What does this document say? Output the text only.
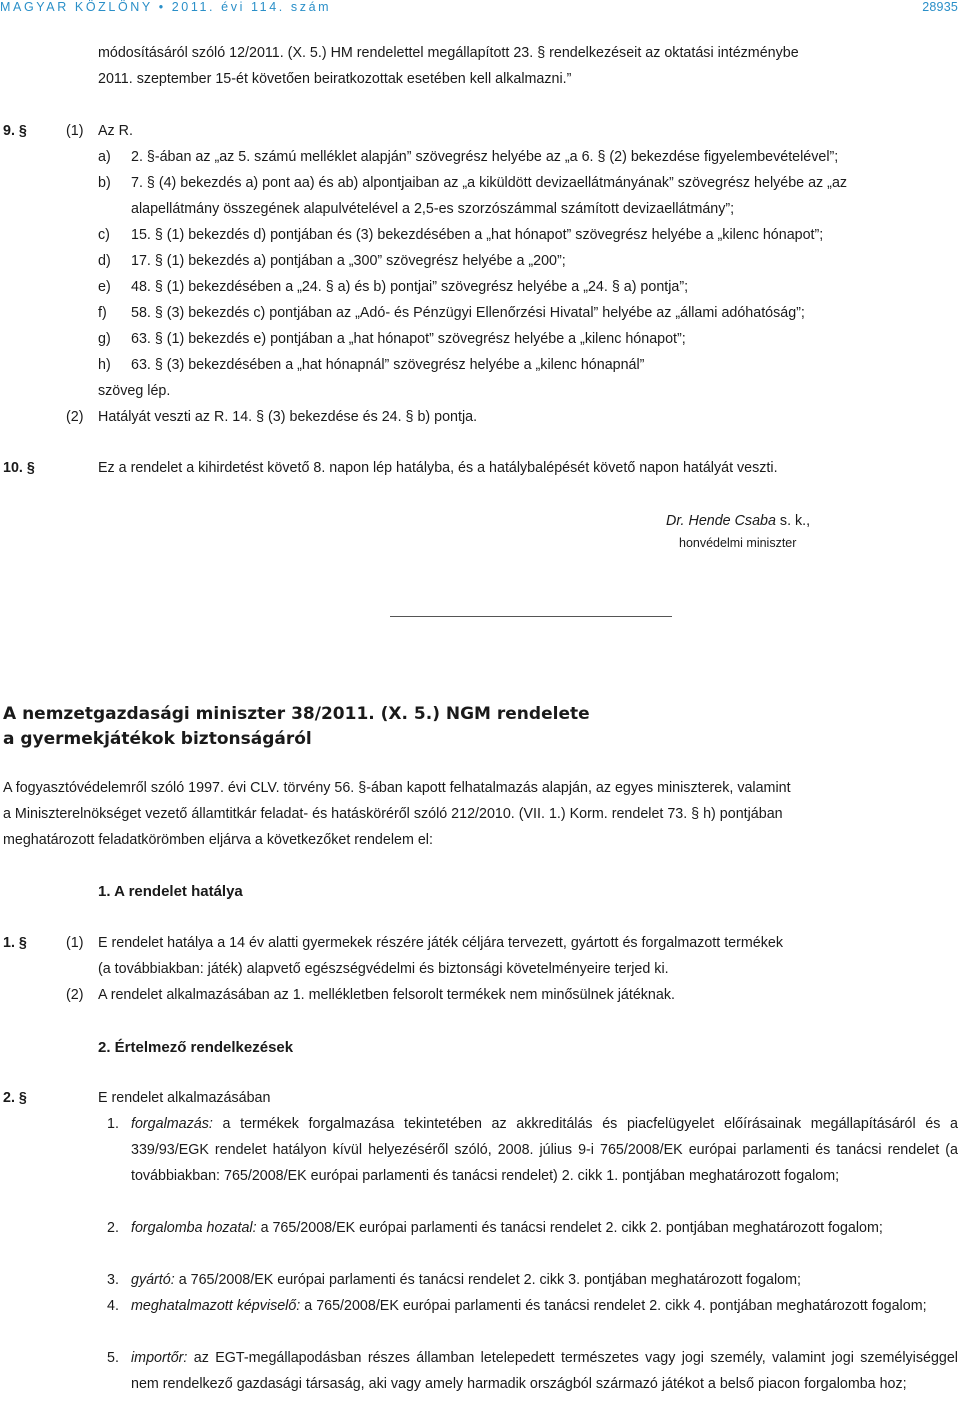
MAGYAR KÖZLÖNY • 2011. évi 114. szám	28935
módosításáról szóló 12/2011. (X. 5.) HM rendelettel megállapított 23. § rendelkezéseit az oktatási intézménybe
2011. szeptember 15-ét követően beiratkozottak esetében kell alkalmazni.”
9. §	(1) Az R.
a) 2. §-ában az „az 5. számú melléklet alapján” szövegrész helyébe az „a 6. § (2) bekezdése figyelembevételével”;
b) 7. § (4) bekezdés a) pont aa) és ab) alpontjaiban az „a kiküldött devizaellátmányának” szövegrész helyébe az „az
alapellátmány összegének alapulvételével a 2,5-es szorzószámmal számított devizaellátmány”;
c) 15. § (1) bekezdés d) pontjában és (3) bekezdésében a „hat hónapot” szövegrész helyébe a „kilenc hónapot”;
d) 17. § (1) bekezdés a) pontjában a „300” szövegrész helyébe a „200”;
e) 48. § (1) bekezdésében a „24. § a) és b) pontjai” szövegrész helyébe a „24. § a) pontja”;
f) 58. § (3) bekezdés c) pontjában az „Adó- és Pénzügyi Ellenőrzési Hivatal” helyébe az „állami adóhatóság”;
g) 63. § (1) bekezdés e) pontjában a „hat hónapot” szövegrész helyébe a „kilenc hónapot”;
h) 63. § (3) bekezdésében a „hat hónapnál” szövegrész helyébe a „kilenc hónapnál”
szöveg lép.
(2) Hatályát veszti az R. 14. § (3) bekezdése és 24. § b) pontja.
10. §	Ez a rendelet a kihirdetést követő 8. napon lép hatályba, és a hatálybalépését követő napon hatályát veszti.
Dr. Hende Csaba s. k.,
honvédelmi miniszter
A nemzetgazdasági miniszter 38/2011. (X. 5.) NGM rendelete
a gyermekjátékok biztonságáról
A fogyasztóvédelemről szóló 1997. évi CLV. törvény 56. §-ában kapott felhatalmazás alapján, az egyes miniszterek, valamint
a Miniszterelnökséget vezető államtitkár feladat- és hatásköréről szóló 212/2010. (VII. 1.) Korm. rendelet 73. § h) pontjában
meghatározott feladatkörömben eljárva a következőket rendelem el:
1. A rendelet hatálya
1. §	(1) E rendelet hatálya a 14 év alatti gyermekek részére játék céljára tervezett, gyártott és forgalmazott termékek
(a továbbiakban: játék) alapvető egészségvédelmi és biztonsági követelményeire terjed ki.
(2) A rendelet alkalmazásában az 1. mellékletben felsorolt termékek nem minősülnek játéknak.
2. Értelmező rendelkezések
2. §	E rendelet alkalmazásában
1. forgalmazás: a termékek forgalmazása tekintetében az akkreditálás és piacfelügyelet előírásainak megállapításáról és a 339/93/EGK rendelet hatályon kívül helyezéséről szóló, 2008. július 9-i 765/2008/EK európai parlamenti és tanácsi rendelet (a továbbiakban: 765/2008/EK európai parlamenti és tanácsi rendelet) 2. cikk 1. pontjában meghatározott fogalom;
2. forgalomba hozatal: a 765/2008/EK európai parlamenti és tanácsi rendelet 2. cikk 2. pontjában meghatározott fogalom;
3. gyártó: a 765/2008/EK európai parlamenti és tanácsi rendelet 2. cikk 3. pontjában meghatározott fogalom;
4. meghatalmazott képviselő: a 765/2008/EK európai parlamenti és tanácsi rendelet 2. cikk 4. pontjában meghatározott fogalom;
5. importőr: az EGT-megállapodásban részes államban letelepedett természetes vagy jogi személy, valamint jogi személyiséggel nem rendelkező gazdasági társaság, aki vagy amely harmadik országból származó játékot a belső piacon forgalomba hoz;
